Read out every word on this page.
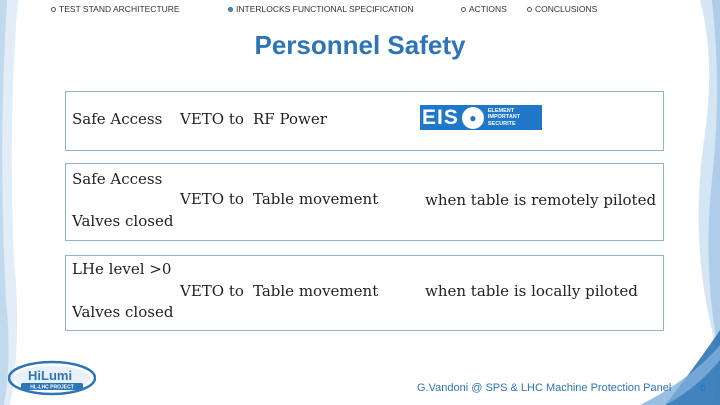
TEST STAND ARCHITECTURE	INTERLOCKS FUNCTIONAL SPECIFICATION	ACTIONS	CONCLUSIONS
Personnel Safety
Safe Access VETO to RF Power	EIS ●	ELEMENT
IMPORTANT
SECURITE
Safe Access
Valves closed
VETO to Table movement	when table is remotely piloted
LHe level >0
Valves closed
VETO to Table movement	when table is locally piloted
HiLumi
HL-LHC PROJECT	G.Vandoni @ SPS & LHC Machine Protection Panel	6
